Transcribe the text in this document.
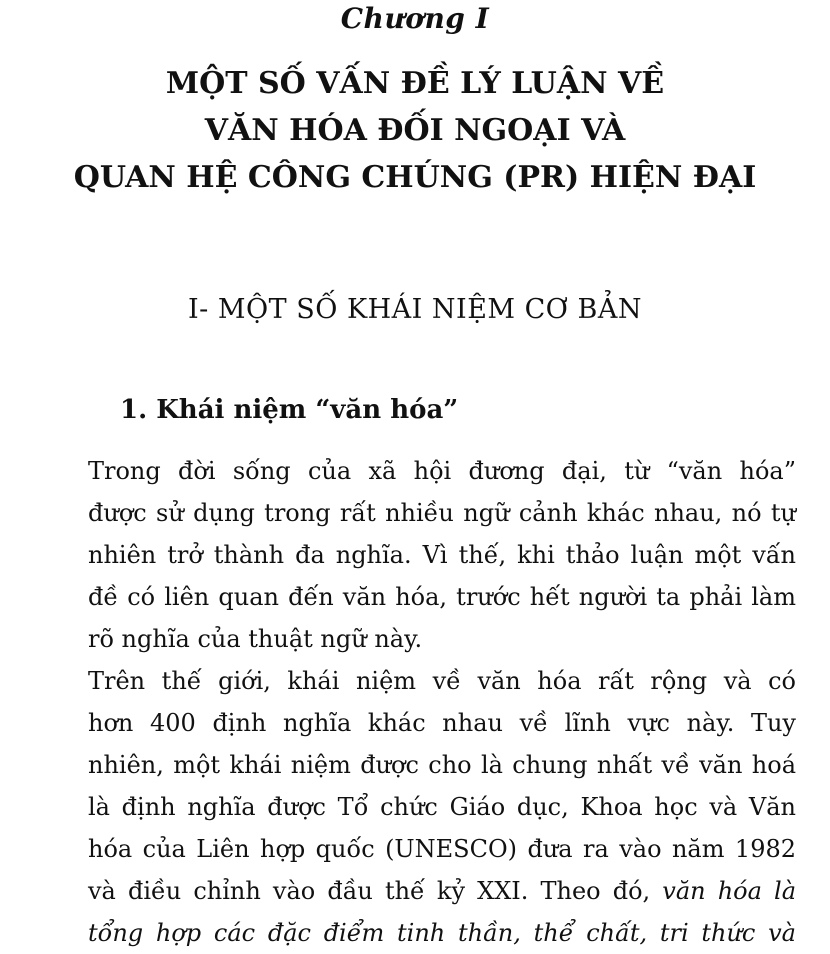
Chương I
MỘT SỐ VẤN ĐỀ LÝ LUẬN VỀ
VĂN HÓA ĐỐI NGOẠI VÀ
QUAN HỆ CÔNG CHÚNG (PR) HIỆN ĐẠI
I- MỘT SỐ KHÁI NIỆM CƠ BẢN
1. Khái niệm “văn hóa”
Trong đời sống của xã hội đương đại, từ “văn hóa”
được sử dụng trong rất nhiều ngữ cảnh khác nhau, nó tự
nhiên trở thành đa nghĩa. Vì thế, khi thảo luận một vấn
đề có liên quan đến văn hóa, trước hết người ta phải làm
rõ nghĩa của thuật ngữ này.
Trên thế giới, khái niệm về văn hóa rất rộng và có
hơn 400 định nghĩa khác nhau về lĩnh vực này. Tuy
nhiên, một khái niệm được cho là chung nhất về văn hoá
là định nghĩa được Tổ chức Giáo dục, Khoa học và Văn
hóa của Liên hợp quốc (UNESCO) đưa ra vào năm 1982
và điều chỉnh vào đầu thế kỷ XXI. Theo đó, văn hóa là
tổng hợp các đặc điểm tinh thần, thể chất, tri thức và
